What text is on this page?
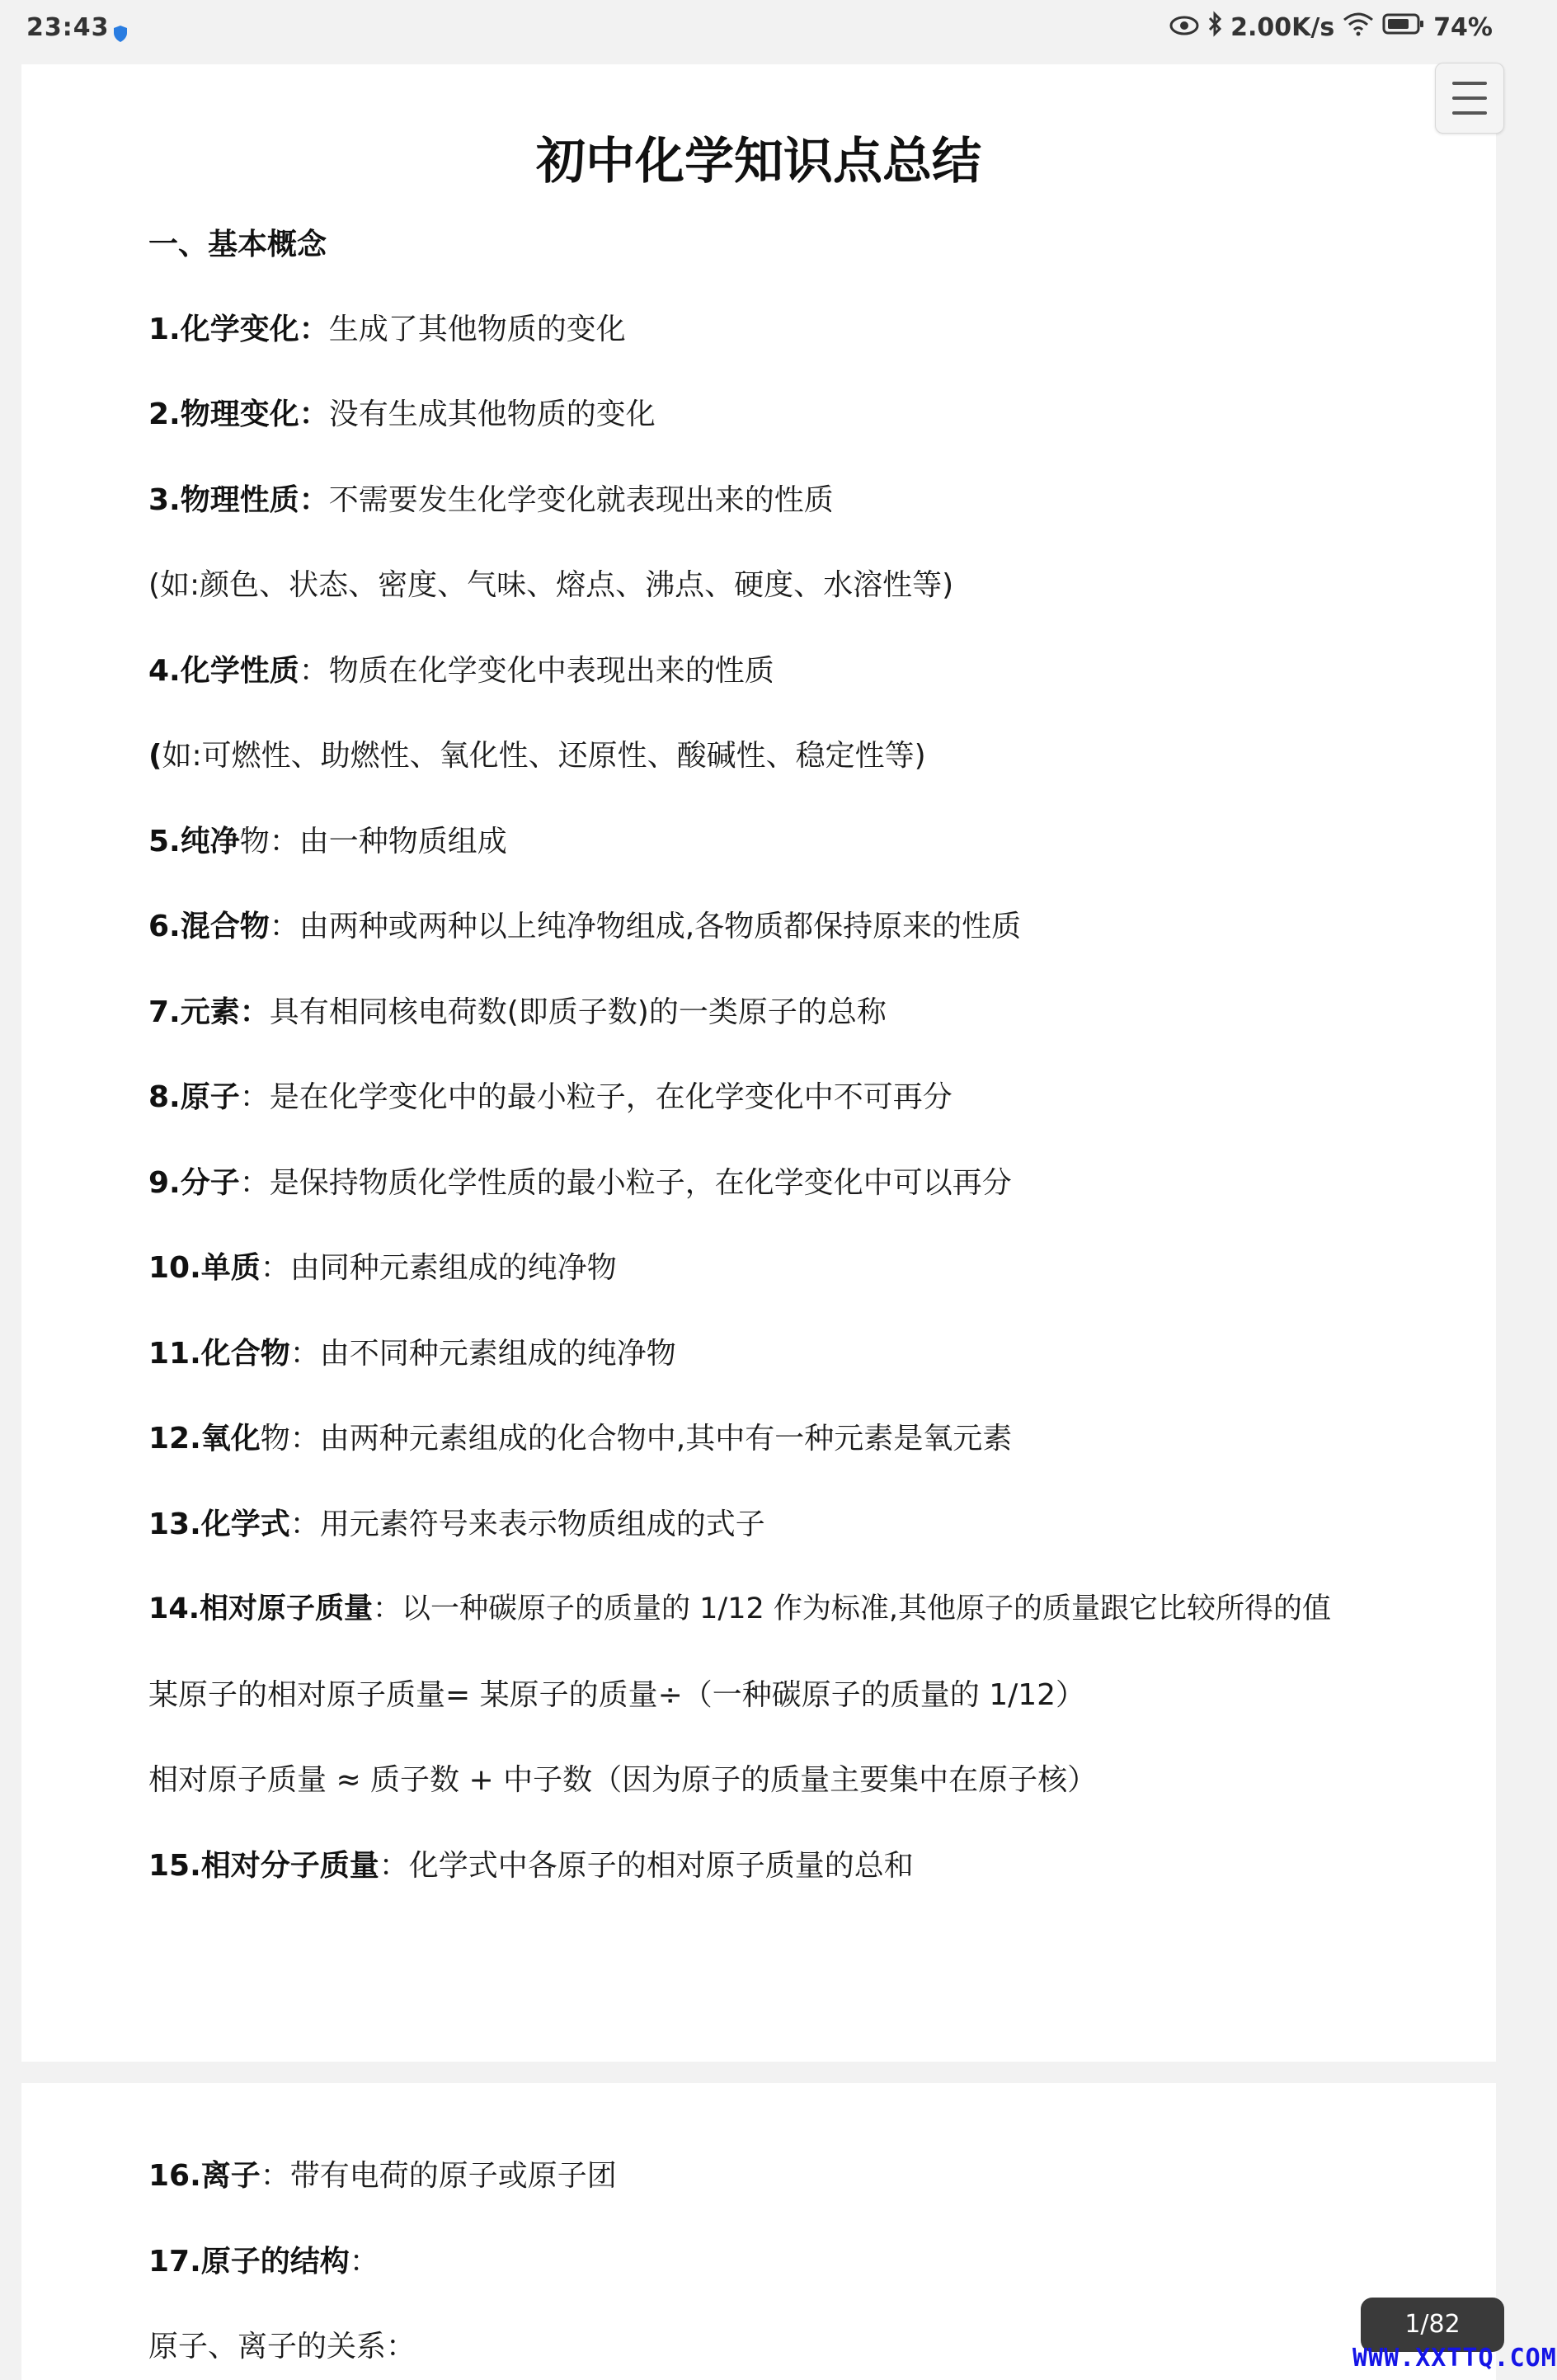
23:43	2.00K/s	74%
初中化学知识点总结
一、基本概念
1.化学变化：生成了其他物质的变化
2.物理变化：没有生成其他物质的变化
3.物理性质：不需要发生化学变化就表现出来的性质
(如:颜色、状态、密度、气味、熔点、沸点、硬度、水溶性等)
4.化学性质：物质在化学变化中表现出来的性质
(如:可燃性、助燃性、氧化性、还原性、酸碱性、稳定性等)
5.纯净物：由一种物质组成
6.混合物：由两种或两种以上纯净物组成,各物质都保持原来的性质
7.元素：具有相同核电荷数(即质子数)的一类原子的总称
8.原子：是在化学变化中的最小粒子，在化学变化中不可再分
9.分子：是保持物质化学性质的最小粒子，在化学变化中可以再分
10.单质：由同种元素组成的纯净物
11.化合物：由不同种元素组成的纯净物
12.氧化物：由两种元素组成的化合物中,其中有一种元素是氧元素
13.化学式：用元素符号来表示物质组成的式子
14.相对原子质量：以一种碳原子的质量的 1/12 作为标准,其他原子的质量跟它比较所得的值
某原子的相对原子质量= 某原子的质量÷（一种碳原子的质量的 1/12）
相对原子质量 ≈ 质子数 + 中子数（因为原子的质量主要集中在原子核）
15.相对分子质量：化学式中各原子的相对原子质量的总和
16.离子：带有电荷的原子或原子团
17.原子的结构：
原子、离子的关系：
1/82
WWW.XXTTQ.COM
